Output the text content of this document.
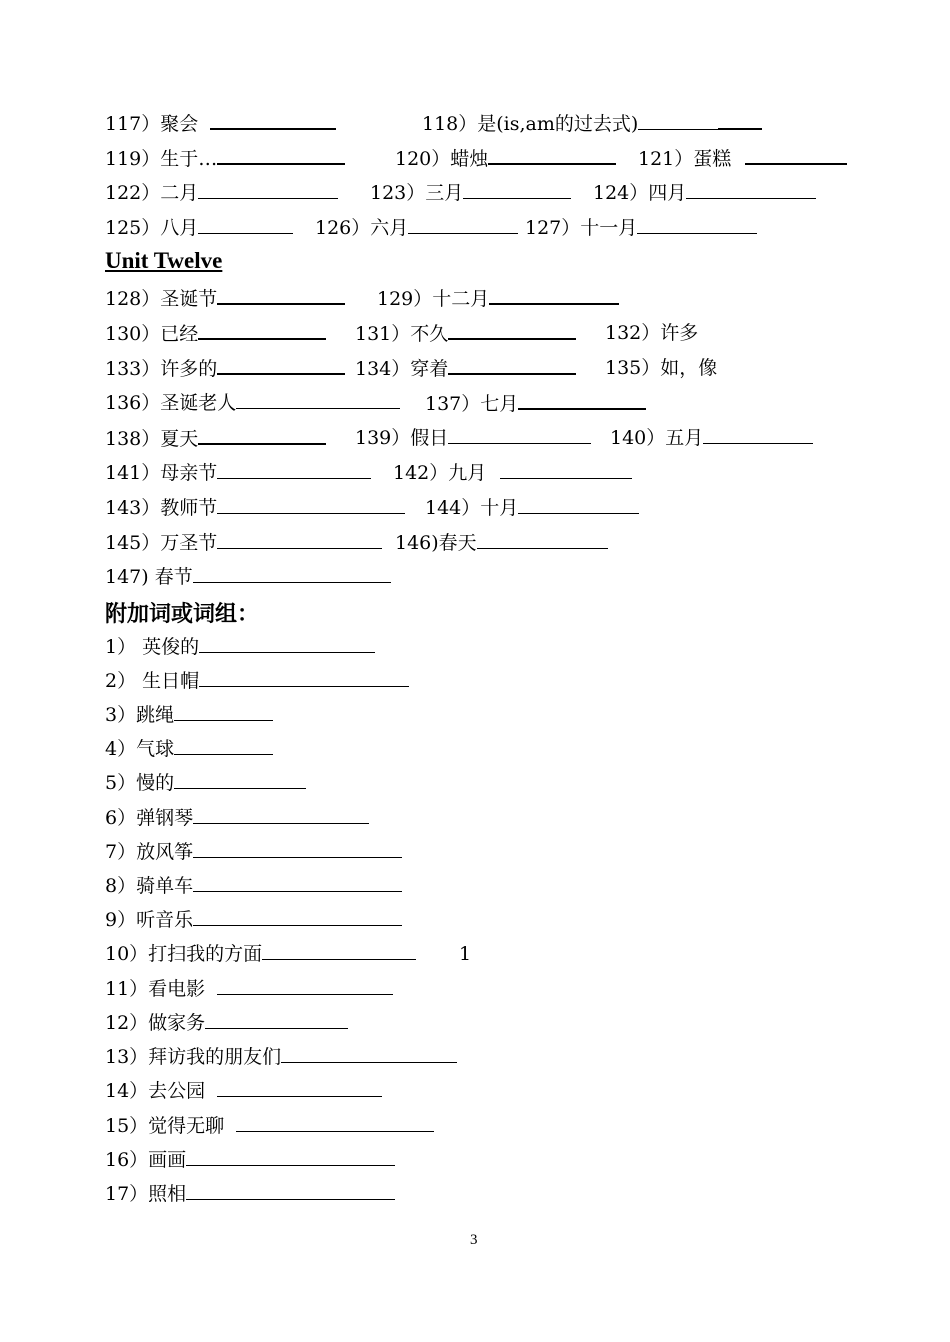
117）聚会	118）是(is,am的过去式)
119）生于…	120）蜡烛	121）蛋糕
122）二月	123）三月	124）四月
125）八月	126）六月	127）十一月
Unit Twelve
128）圣诞节	129）十二月
130）已经	131）不久	132）许多
133）许多的	134）穿着	135）如，像
136）圣诞老人	137）七月
138）夏天	139）假日	140）五月
141）母亲节	142）九月
143）教师节	144）十月
145）万圣节	146)春天
147) 春节
附加词或词组：
1） 英俊的
2） 生日帽
3）跳绳
4）气球
5）慢的
6）弹钢琴
7）放风筝
8）骑单车
9）听音乐
10）打扫我的方面	1
11）看电影
12）做家务
13）拜访我的朋友们
14）去公园
15）觉得无聊
16）画画
17）照相
3
